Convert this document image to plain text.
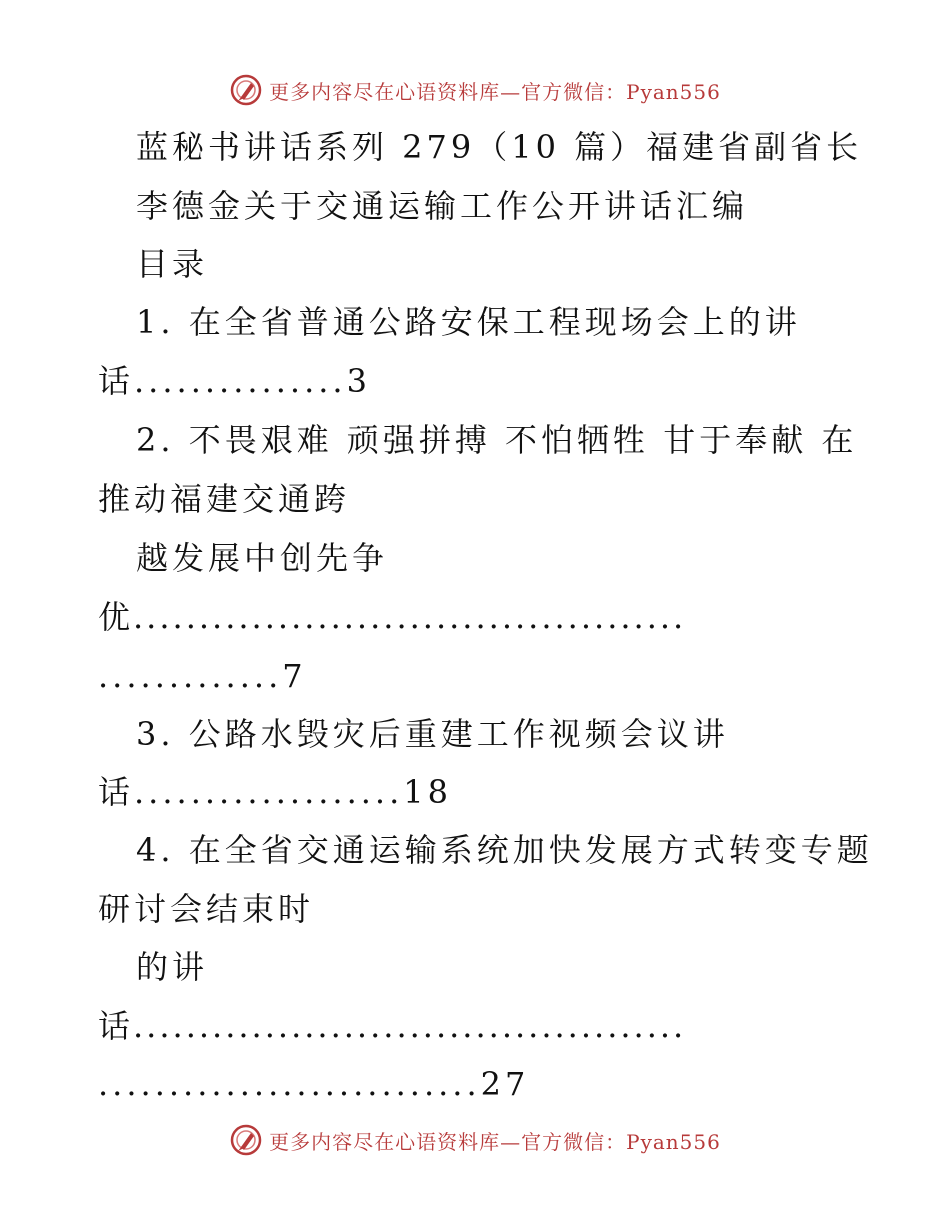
更多内容尽在心语资料库—官方微信：Pyan556
蓝秘书讲话系列 279（10 篇）福建省副省长
李德金关于交通运输工作公开讲话汇编
目录
1. 在全省普通公路安保工程现场会上的讲
话...............3
2. 不畏艰难 顽强拼搏 不怕牺牲 甘于奉献 在
推动福建交通跨
越发展中创先争
优..........................................
.............7
3. 公路水毁灾后重建工作视频会议讲
话...................18
4. 在全省交通运输系统加快发展方式转变专题
研讨会结束时
的讲
话..........................................
...........................27
更多内容尽在心语资料库—官方微信：Pyan556
